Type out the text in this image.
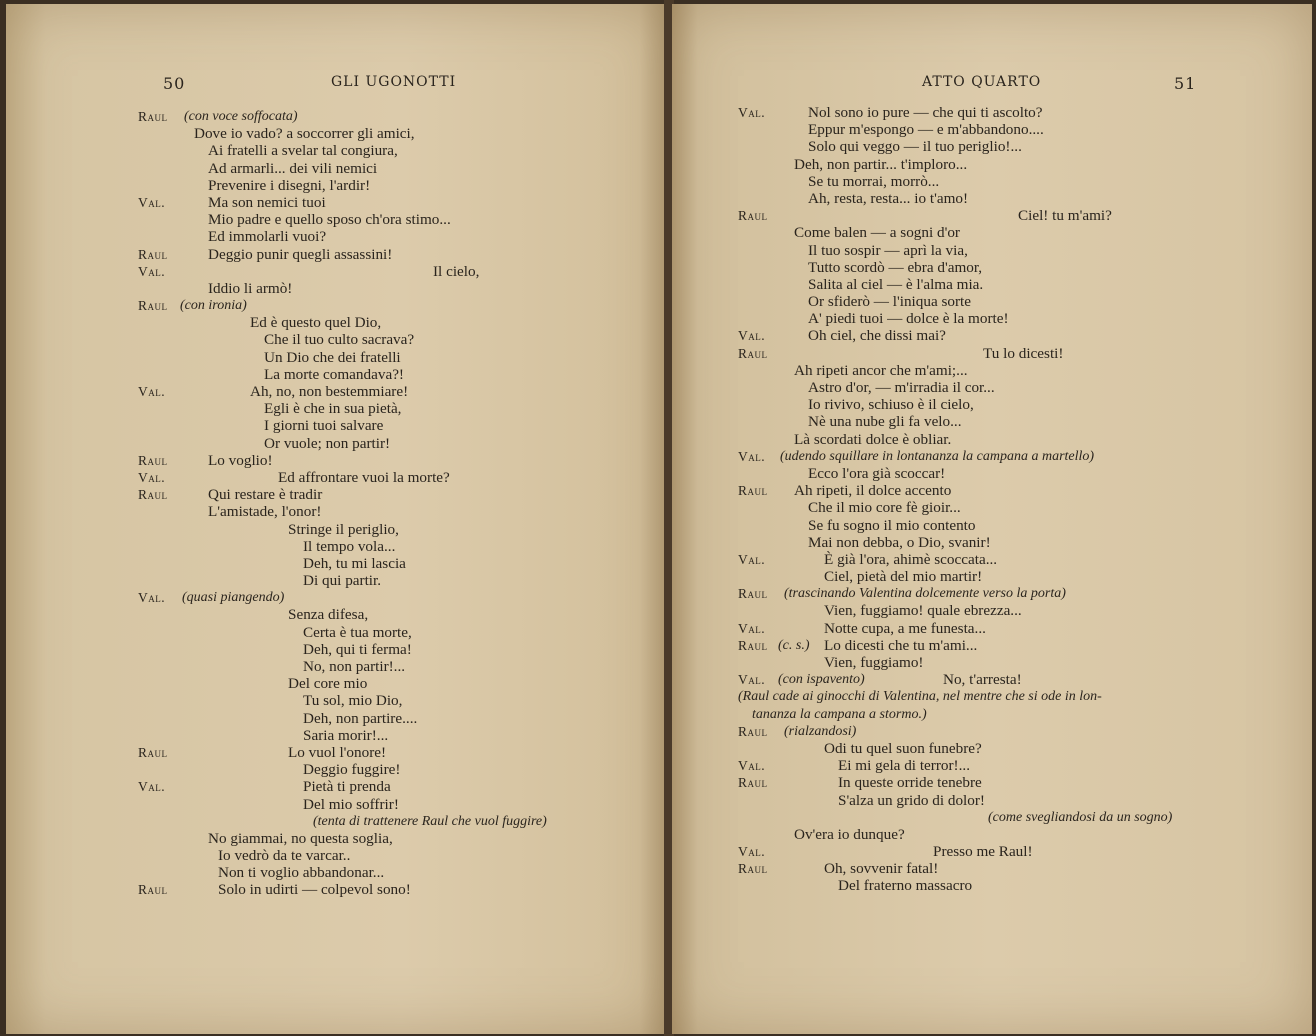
50	GLI UGONOTTI
Raul (con voce soffocata)
Dove io vado? a soccorrer gli amici,
Ai fratelli a svelar tal congiura,
Ad armarli... dei vili nemici
Prevenire i disegni, l'ardir!
Val.	Ma son nemici tuoi
Mio padre e quello sposo ch'ora stimo...
Ed immolarli vuoi?
Raul	Deggio punir quegli assassini!
Val.	Il cielo,
Iddio li armò!
Raul (con ironia)
Ed è questo quel Dio,
Che il tuo culto sacrava?
Un Dio che dei fratelli
La morte comandava?!
Val.	Ah, no, non bestemmiare!
Egli è che in sua pietà,
I giorni tuoi salvare
Or vuole; non partir!
Raul	Lo voglio!
Val.	Ed affrontare vuoi la morte?
Raul	Qui restare è tradir
L'amistade, l'onor!
Stringe il periglio,
Il tempo vola...
Deh, tu mi lascia
Di qui partir.
Val. (quasi piangendo)
Senza difesa,
Certa è tua morte,
Deh, qui ti ferma!
No, non partir!...
Del core mio
Tu sol, mio Dio,
Deh, non partire....
Saria morir!...
Raul	Lo vuol l'onore!
Deggio fuggire!
Val.	Pietà ti prenda
Del mio soffrir!
(tenta di trattenere Raul che vuol fuggire)
No giammai, no questa soglia,
Io vedrò da te varcar..
Non ti voglio abbandonar...
Raul	Solo in udirti — colpevol sono!
ATTO QUARTO	51
Val.	Nol sono io pure — che qui ti ascolto?
Eppur m'espongo — e m'abbandono....
Solo qui veggo — il tuo periglio!...
Deh, non partir... t'imploro...
Se tu morrai, morrò...
Ah, resta, resta... io t'amo!
Raul	Ciel! tu m'ami?
Come balen — a sogni d'or
Il tuo sospir — aprì la via,
Tutto scordò — ebra d'amor,
Salita al ciel — è l'alma mia.
Or sfiderò — l'iniqua sorte
A' piedi tuoi — dolce è la morte!
Val.	Oh ciel, che dissi mai?
Raul	Tu lo dicesti!
Ah ripeti ancor che m'ami;...
Astro d'or, — m'irradia il cor...
Io rivivo, schiuso è il cielo,
Nè una nube gli fa velo...
Là scordati dolce è obliar.
Val. (udendo squillare in lontananza la campana a martello)
Ecco l'ora già scoccar!
Raul Ah ripeti, il dolce accento
Che il mio core fè gioir...
Se fu sogno il mio contento
Mai non debba, o Dio, svanir!
Val.	È già l'ora, ahimè scoccata...
Ciel, pietà del mio martir!
Raul (trascinando Valentina dolcemente verso la porta)
Vien, fuggiamo! quale ebrezza...
Val.	Notte cupa, a me funesta...
Raul (c. s.) Lo dicesti che tu m'ami...
Vien, fuggiamo!
Val. (con ispavento)	No, t'arresta!
(Raul cade ai ginocchi di Valentina, nel mentre che si ode in lon-
tananza la campana a stormo.)
Raul (rialzandosi)
Odi tu quel suon funebre?
Val.	Ei mi gela di terror!...
Raul	In queste orride tenebre
S'alza un grido di dolor!
(come svegliandosi da un sogno)
Ov'era io dunque?
Val.	Presso me Raul!
Raul	Oh, sovvenir fatal!
Del fraterno massacro
